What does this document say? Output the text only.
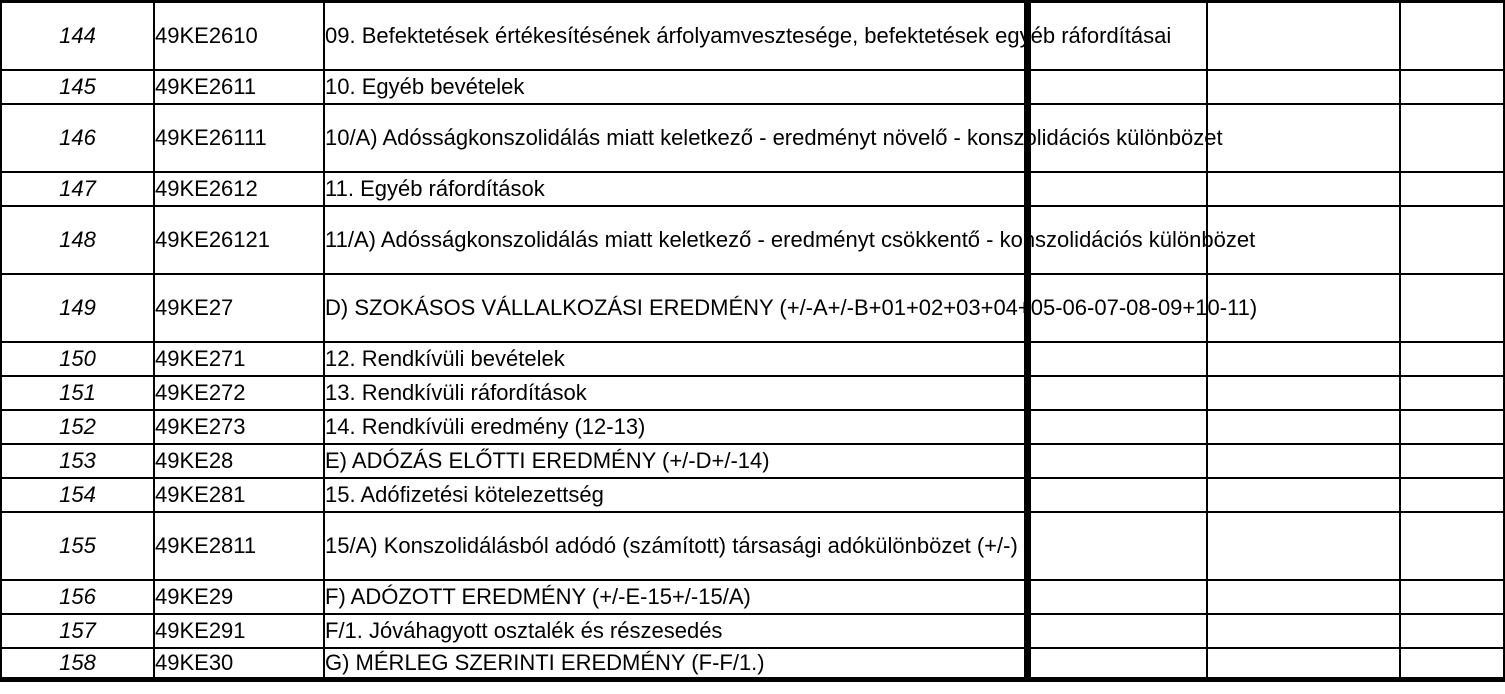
144	49KE2610	09. Befektetések értékesítésének árfolyamvesztesége, befektetések egyéb ráfordításai			
145	49KE2611	10. Egyéb bevételek			
146	49KE26111	10/A) Adósságkonszolidálás miatt keletkező - eredményt növelő - konszolidációs különbözet			
147	49KE2612	11. Egyéb ráfordítások			
148	49KE26121	11/A) Adósságkonszolidálás miatt keletkező - eredményt csökkentő - konszolidációs különbözet			
149	49KE27	D) SZOKÁSOS VÁLLALKOZÁSI EREDMÉNY (+/-A+/-B+01+02+03+04+05-06-07-08-09+10-11)			
150	49KE271	12. Rendkívüli bevételek			
151	49KE272	13. Rendkívüli ráfordítások			
152	49KE273	14. Rendkívüli eredmény (12-13)			
153	49KE28	E) ADÓZÁS ELŐTTI EREDMÉNY (+/-D+/-14)			
154	49KE281	15. Adófizetési kötelezettség			
155	49KE2811	15/A) Konszolidálásból adódó (számított) társasági adókülönbözet (+/-)			
156	49KE29	F) ADÓZOTT EREDMÉNY (+/-E-15+/-15/A)			
157	49KE291	F/1. Jóváhagyott osztalék és részesedés			
158	49KE30	G) MÉRLEG SZERINTI EREDMÉNY (F-F/1.)			
